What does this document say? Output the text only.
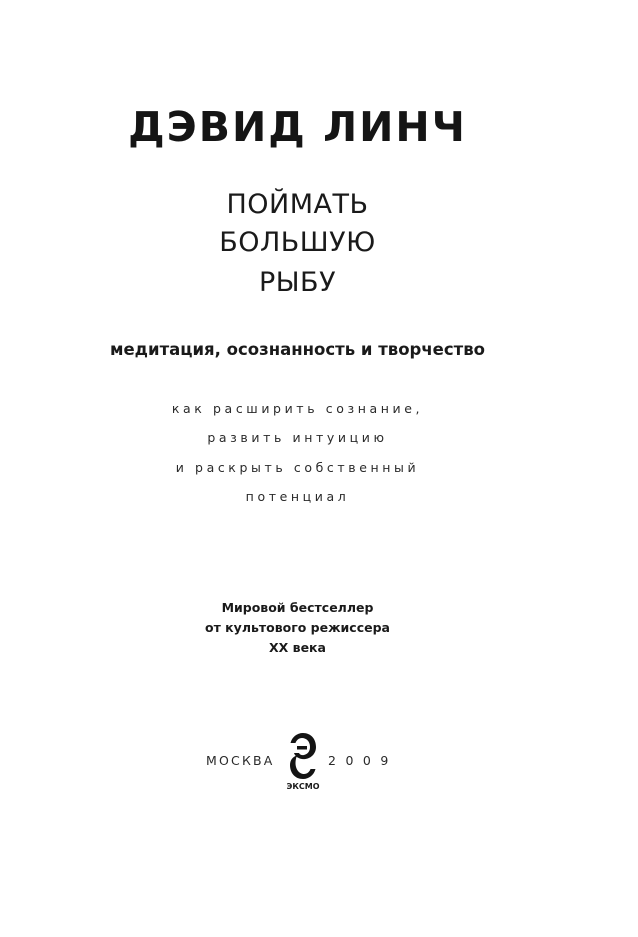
ДЭВИД ЛИНЧ
ПОЙМАТЬ
БОЛЬШУЮ
РЫБУ
медитация, осознанность и творчество
как расширить сознание,
развить интуицию
и раскрыть собственный
потенциал
Мировой бестселлер
от культового режиссера
XX века
МОСКВА
ЭКСМО
2009
